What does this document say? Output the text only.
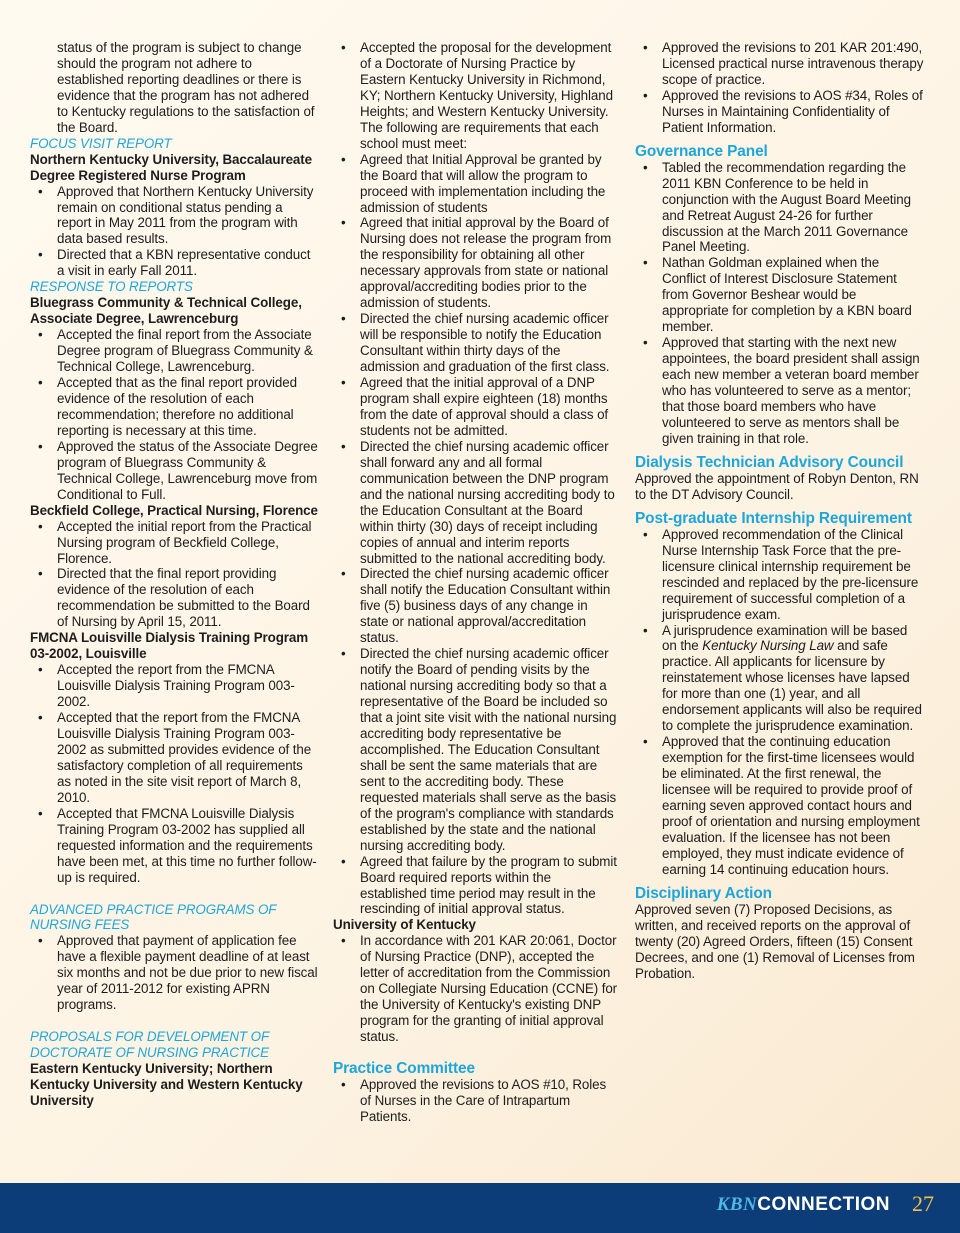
status of the program is subject to change should the program not adhere to established reporting deadlines or there is evidence that the program has not adhered to Kentucky regulations to the satisfaction of the Board.

FOCUS VISIT REPORT

Northern Kentucky University, Baccalaureate Degree Registered Nurse Program

• Approved that Northern Kentucky University remain on conditional status pending a report in May 2011 from the program with data based results.
• Directed that a KBN representative conduct a visit in early Fall 2011.

RESPONSE TO REPORTS

Bluegrass Community & Technical College, Associate Degree, Lawrenceburg

• Accepted the final report from the Associate Degree program of Bluegrass Community & Technical College, Lawrenceburg.
• Accepted that as the final report provided evidence of the resolution of each recommendation; therefore no additional reporting is necessary at this time.
• Approved the status of the Associate Degree program of Bluegrass Community & Technical College, Lawrenceburg move from Conditional to Full.

Beckfield College, Practical Nursing, Florence

• Accepted the initial report from the Practical Nursing program of Beckfield College, Florence.
• Directed that the final report providing evidence of the resolution of each recommendation be submitted to the Board of Nursing by April 15, 2011.

FMCNA Louisville Dialysis Training Program 03-2002, Louisville

• Accepted the report from the FMCNA Louisville Dialysis Training Program 003-2002.
• Accepted that the report from the FMCNA Louisville Dialysis Training Program 003-2002 as submitted provides evidence of the satisfactory completion of all requirements as noted in the site visit report of March 8, 2010.
• Accepted that FMCNA Louisville Dialysis Training Program 03-2002 has supplied all requested information and the requirements have been met, at this time no further follow-up is required.

ADVANCED PRACTICE PROGRAMS OF NURSING FEES

• Approved that payment of application fee have a flexible payment deadline of at least six months and not be due prior to new fiscal year of 2011-2012 for existing APRN programs.

PROPOSALS FOR DEVELOPMENT OF DOCTORATE OF NURSING PRACTICE

Eastern Kentucky University; Northern Kentucky University and Western Kentucky University

• Accepted the proposal for the development of a Doctorate of Nursing Practice by Eastern Kentucky University in Richmond, KY; Northern Kentucky University, Highland Heights; and Western Kentucky University. The following are requirements that each school must meet:
• Agreed that Initial Approval be granted by the Board that will allow the program to proceed with implementation including the admission of students
• Agreed that initial approval by the Board of Nursing does not release the program from the responsibility for obtaining all other necessary approvals from state or national approval/accrediting bodies prior to the admission of students.
• Directed the chief nursing academic officer will be responsible to notify the Education Consultant within thirty days of the admission and graduation of the first class.
• Agreed that the initial approval of a DNP program shall expire eighteen (18) months from the date of approval should a class of students not be admitted.
• Directed the chief nursing academic officer shall forward any and all formal communication between the DNP program and the national nursing accrediting body to the Education Consultant at the Board within thirty (30) days of receipt including copies of annual and interim reports submitted to the national accrediting body.
• Directed the chief nursing academic officer shall notify the Education Consultant within five (5) business days of any change in state or national approval/accreditation status.
• Directed the chief nursing academic officer notify the Board of pending visits by the national nursing accrediting body so that a representative of the Board be included so that a joint site visit with the national nursing accrediting body representative be accomplished. The Education Consultant shall be sent the same materials that are sent to the accrediting body. These requested materials shall serve as the basis of the program's compliance with standards established by the state and the national nursing accrediting body.
• Agreed that failure by the program to submit Board required reports within the established time period may result in the rescinding of initial approval status.

University of Kentucky

• In accordance with 201 KAR 20:061, Doctor of Nursing Practice (DNP), accepted the letter of accreditation from the Commission on Collegiate Nursing Education (CCNE) for the University of Kentucky's existing DNP program for the granting of initial approval status.

Practice Committee

• Approved the revisions to AOS #10, Roles of Nurses in the Care of Intrapartum Patients.
• Approved the revisions to 201 KAR 201:490, Licensed practical nurse intravenous therapy scope of practice.
• Approved the revisions to AOS #34, Roles of Nurses in Maintaining Confidentiality of Patient Information.

Governance Panel

• Tabled the recommendation regarding the 2011 KBN Conference to be held in conjunction with the August Board Meeting and Retreat August 24-26 for further discussion at the March 2011 Governance Panel Meeting.
• Nathan Goldman explained when the Conflict of Interest Disclosure Statement from Governor Beshear would be appropriate for completion by a KBN board member.
• Approved that starting with the next new appointees, the board president shall assign each new member a veteran board member who has volunteered to serve as a mentor; that those board members who have volunteered to serve as mentors shall be given training in that role.

Dialysis Technician Advisory Council

Approved the appointment of Robyn Denton, RN to the DT Advisory Council.

Post-graduate Internship Requirement

• Approved recommendation of the Clinical Nurse Internship Task Force that the pre-licensure clinical internship requirement be rescinded and replaced by the pre-licensure requirement of successful completion of a jurisprudence exam.
• A jurisprudence examination will be based on the Kentucky Nursing Law and safe practice. All applicants for licensure by reinstatement whose licenses have lapsed for more than one (1) year, and all endorsement applicants will also be required to complete the jurisprudence examination.
• Approved that the continuing education exemption for the first-time licensees would be eliminated. At the first renewal, the licensee will be required to provide proof of earning seven approved contact hours and proof of orientation and nursing employment evaluation. If the licensee has not been employed, they must indicate evidence of earning 14 continuing education hours.

Disciplinary Action

Approved seven (7) Proposed Decisions, as written, and received reports on the approval of twenty (20) Agreed Orders, fifteen (15) Consent Decrees, and one (1) Removal of Licenses from Probation.

KBNCONNECTION 27
